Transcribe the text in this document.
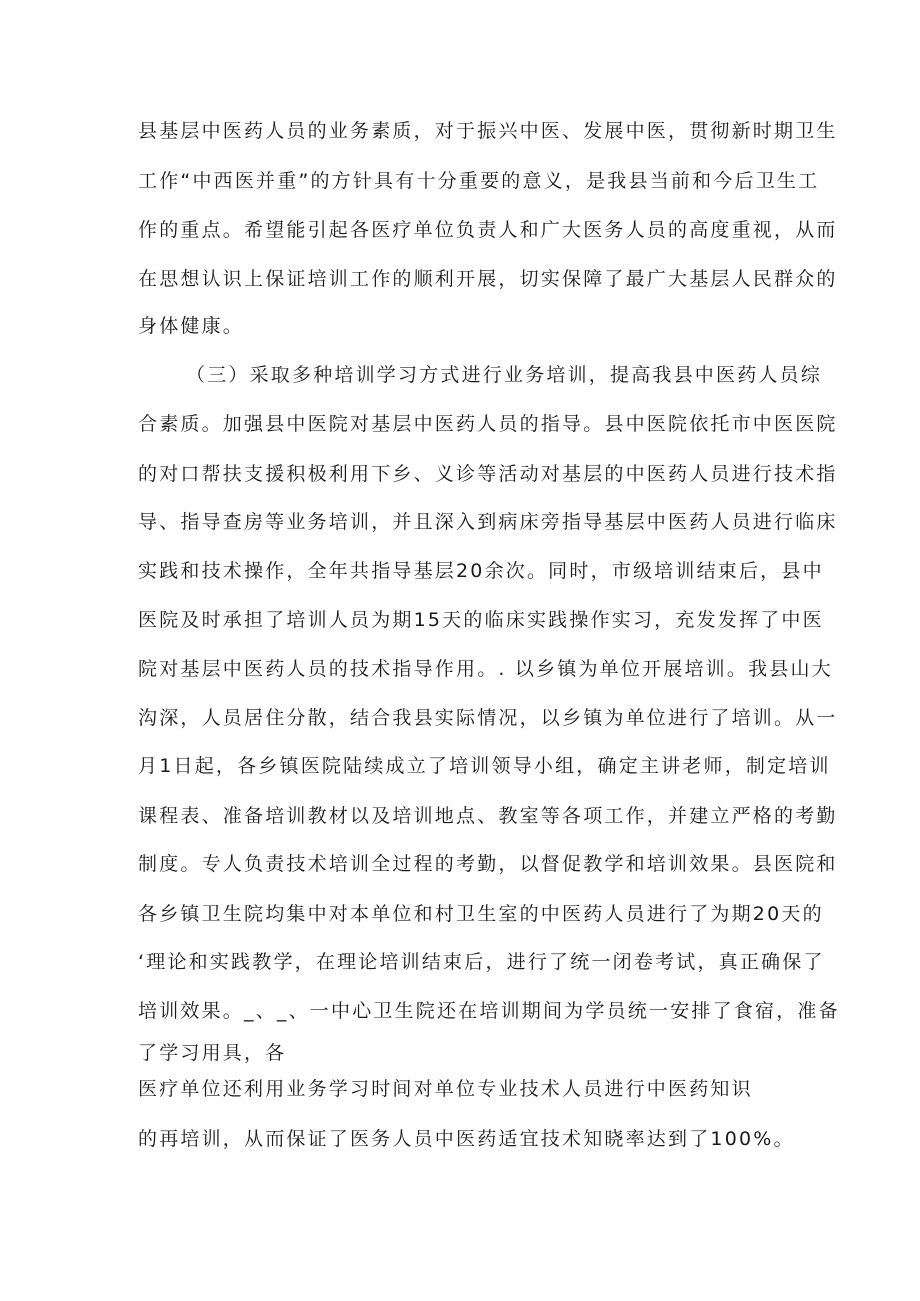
县基层中医药人员的业务素质，对于振兴中医、发展中医，贯彻新时期卫生
工作“中西医并重”的方针具有十分重要的意义，是我县当前和今后卫生工
作的重点。希望能引起各医疗单位负责人和广大医务人员的高度重视，从而
在思想认识上保证培训工作的顺利开展，切实保障了最广大基层人民群众的
身体健康。
（三）采取多种培训学习方式进行业务培训，提高我县中医药人员综
合素质。加强县中医院对基层中医药人员的指导。县中医院依托市中医医院
的对口帮扶支援积极利用下乡、义诊等活动对基层的中医药人员进行技术指
导、指导查房等业务培训，并且深入到病床旁指导基层中医药人员进行临床
实践和技术操作，全年共指导基层20余次。同时，市级培训结束后，县中
医院及时承担了培训人员为期15天的临床实践操作实习，充发发挥了中医
院对基层中医药人员的技术指导作用。. 以乡镇为单位开展培训。我县山大
沟深，人员居住分散，结合我县实际情况，以乡镇为单位进行了培训。从一
月1日起，各乡镇医院陆续成立了培训领导小组，确定主讲老师，制定培训
课程表、准备培训教材以及培训地点、教室等各项工作，并建立严格的考勤
制度。专人负责技术培训全过程的考勤，以督促教学和培训效果。县医院和
各乡镇卫生院均集中对本单位和村卫生室的中医药人员进行了为期20天的
‘理论和实践教学，在理论培训结束后，进行了统一闭卷考试，真正确保了
培训效果。_、_、一中心卫生院还在培训期间为学员统一安排了食宿，准备
了学习用具，各
医疗单位还利用业务学习时间对单位专业技术人员进行中医药知识
的再培训，从而保证了医务人员中医药适宜技术知晓率达到了100%。
